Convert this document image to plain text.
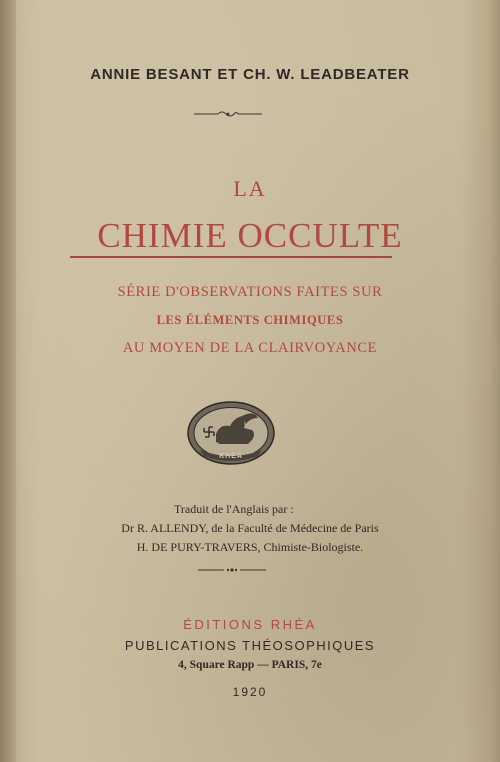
ANNIE BESANT ET CH. W. LEADBEATER
LA
CHIMIE OCCULTE
SÉRIE D'OBSERVATIONS FAITES SUR
LES ÉLÉMENTS CHIMIQUES
AU MOYEN DE LA CLAIRVOYANCE
RHÉA
Traduit de l'Anglais par :
Dr R. ALLENDY, de la Faculté de Médecine de Paris
H. DE PURY-TRAVERS, Chimiste-Biologiste.
ÉDITIONS RHÉA
PUBLICATIONS THÉOSOPHIQUES
4, Square Rapp — PARIS, 7e
1920
